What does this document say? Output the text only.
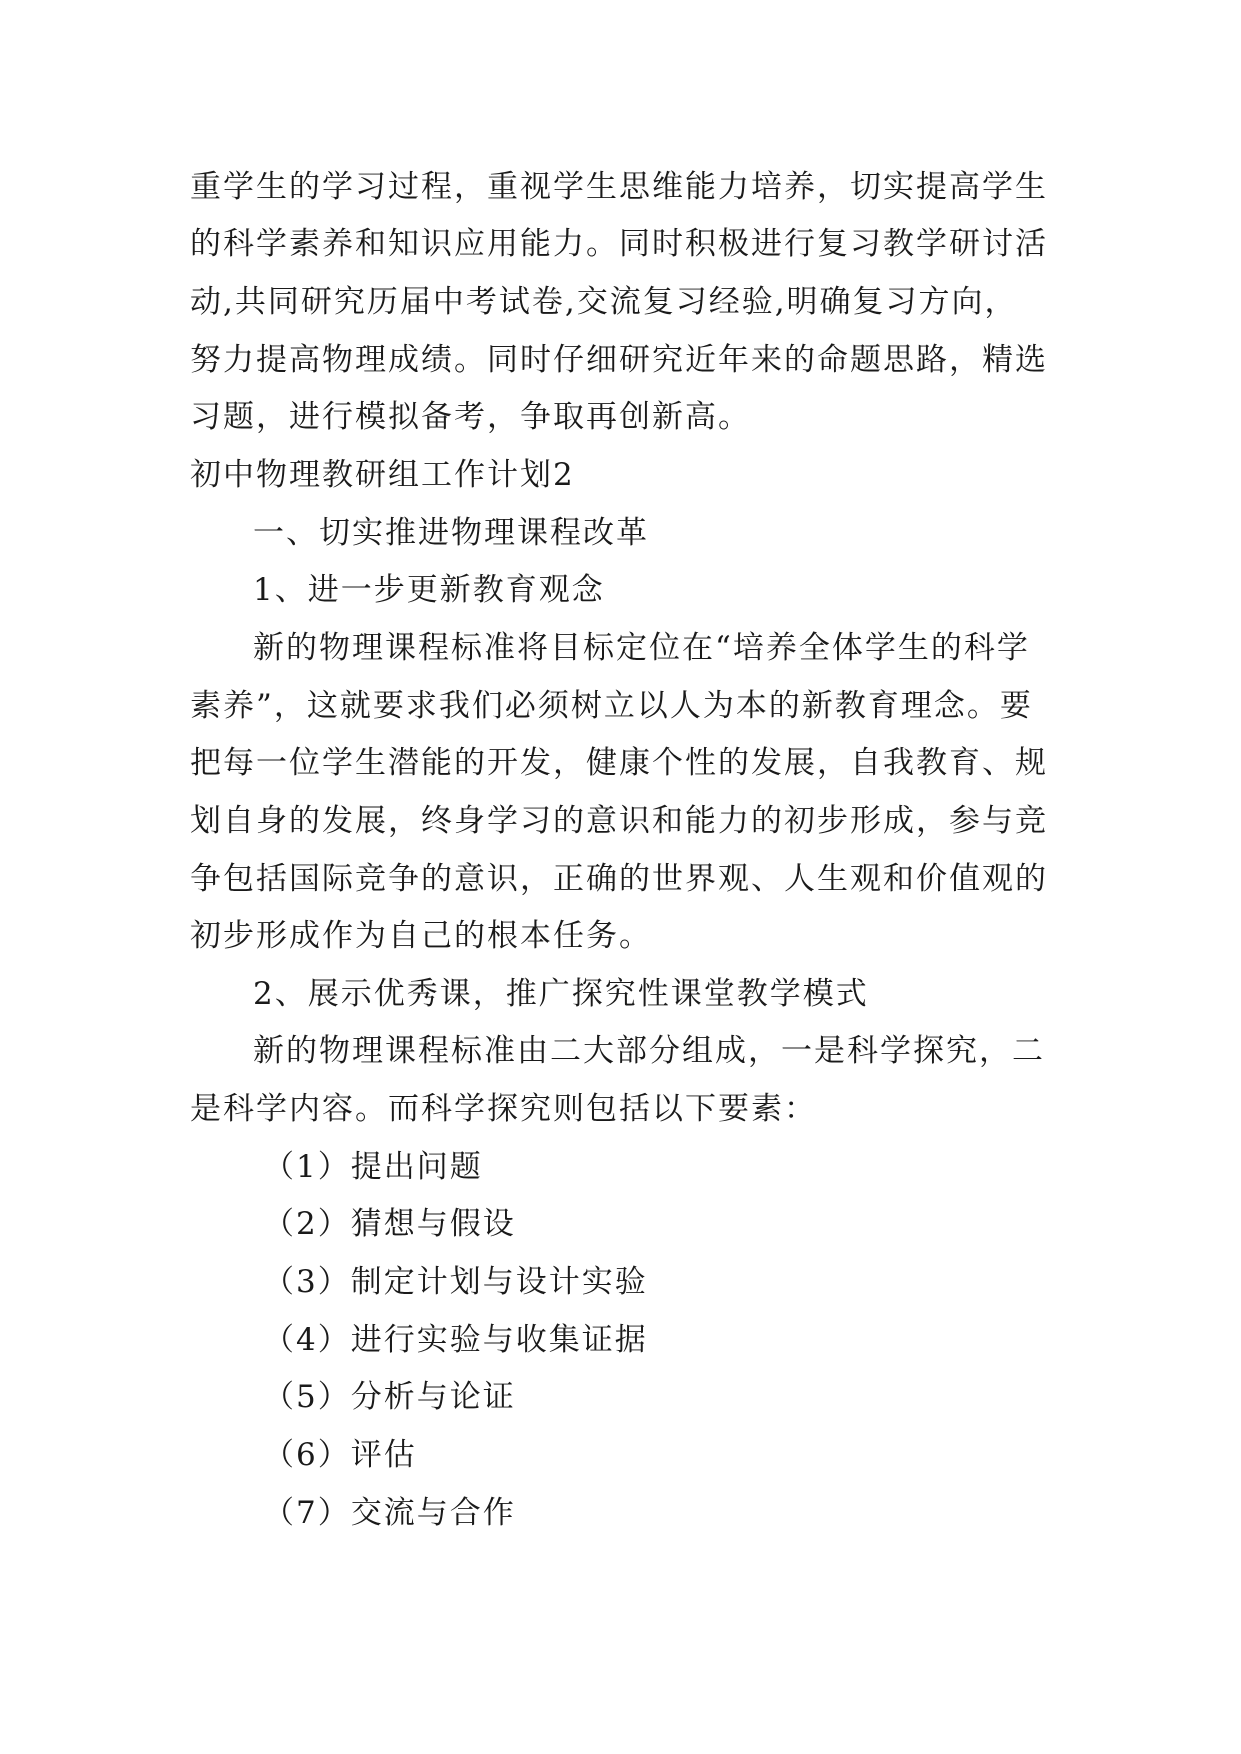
重学生的学习过程，重视学生思维能力培养，切实提高学生
的科学素养和知识应用能力。同时积极进行复习教学研讨活
动,共同研究历届中考试卷,交流复习经验,明确复习方向，
努力提高物理成绩。同时仔细研究近年来的命题思路，精选
习题，进行模拟备考，争取再创新高。
初中物理教研组工作计划2
一、切实推进物理课程改革
1、进一步更新教育观念
新的物理课程标准将目标定位在“培养全体学生的科学
素养”，这就要求我们必须树立以人为本的新教育理念。要
把每一位学生潜能的开发，健康个性的发展，自我教育、规
划自身的发展，终身学习的意识和能力的初步形成，参与竞
争包括国际竞争的意识，正确的世界观、人生观和价值观的
初步形成作为自己的根本任务。
2、展示优秀课，推广探究性课堂教学模式
新的物理课程标准由二大部分组成，一是科学探究，二
是科学内容。而科学探究则包括以下要素：
（1）提出问题
（2）猜想与假设
（3）制定计划与设计实验
（4）进行实验与收集证据
（5）分析与论证
（6）评估
（7）交流与合作
